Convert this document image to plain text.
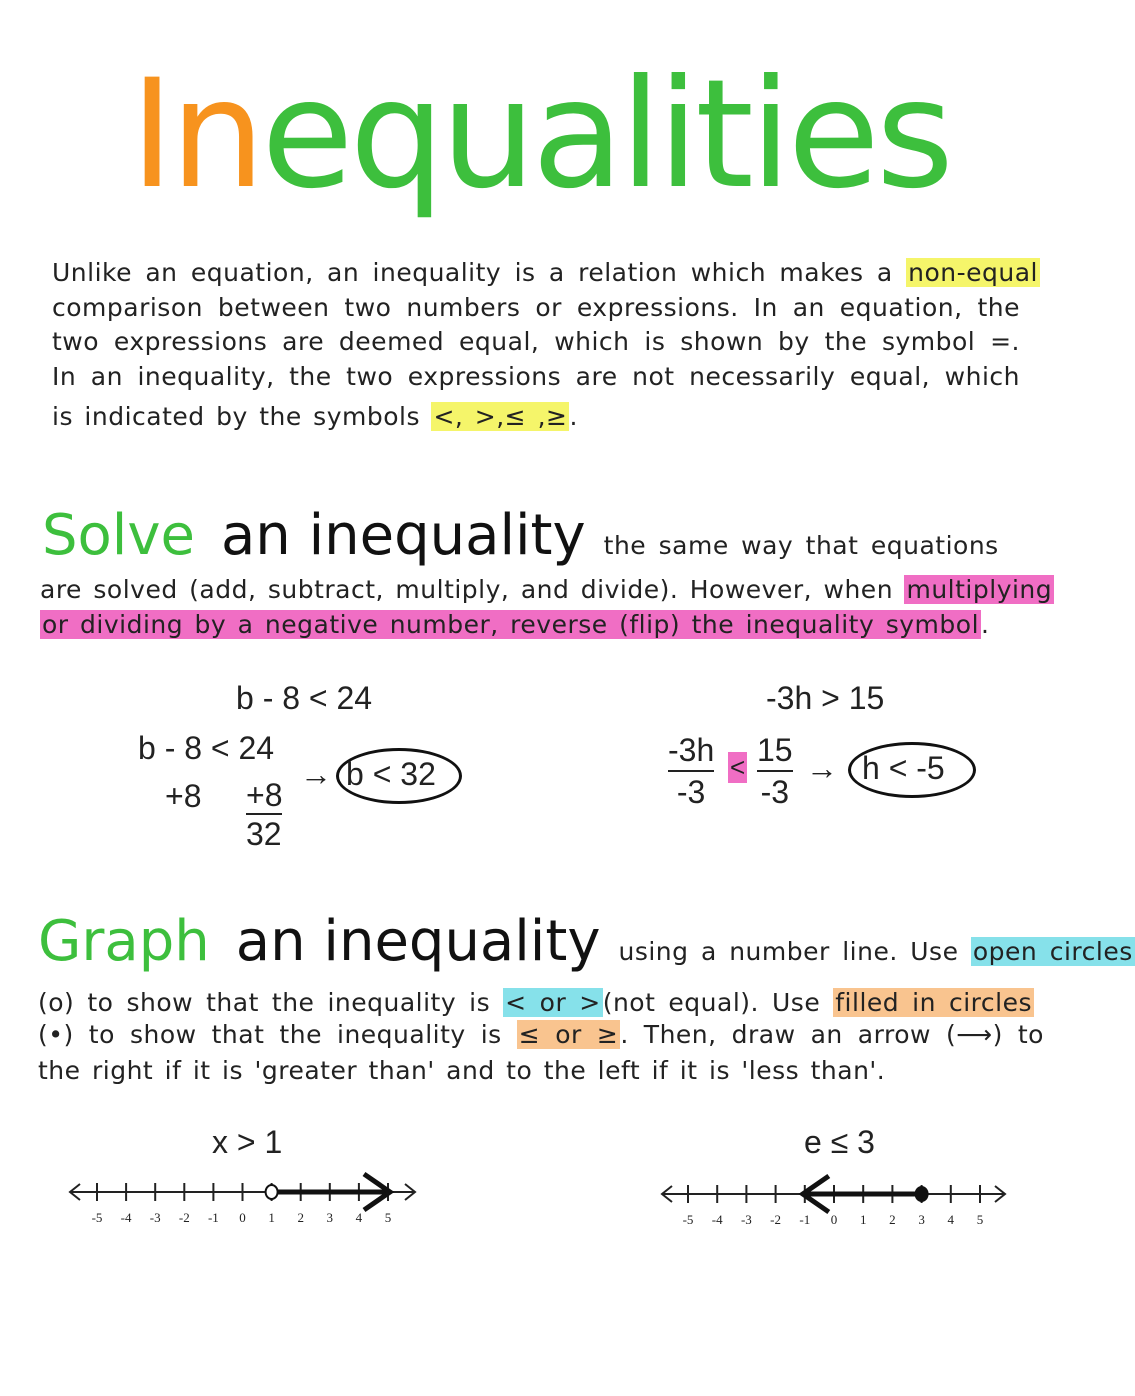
Inequalities
Unlike an equation, an inequality is a relation which makes a non-equal
comparison between two numbers or expressions. In an equation, the
two expressions are deemed equal, which is shown by the symbol =.
In an inequality, the two expressions are not necessarily equal, which
is indicated by the symbols <, >,≤ ,≥.
Solve an inequality the same way that equations
are solved (add, subtract, multiply, and divide). However, when multiplying
or dividing by a negative number, reverse (flip) the inequality symbol.
b - 8 < 24
b - 8 < 24
+8 +8
32
→ b < 32
-3h > 15
$\frac{-3h}{-3} < \frac{15}{-3} \to h < -5$
Graph an inequality using a number line. Use open circles
(o) to show that the inequality is < or >(not equal). Use filled in circles
(•) to show that the inequality is ≤ or ≥. Then, draw an arrow (⟶) to
the right if it is 'greater than' and to the left if it is 'less than'.
x > 1	e ≤ 3
-5 -4 -3 -2 -1 0 1 2 3 4 5	-5 -4 -3 -2 -1 0 1 2 3 4 5
